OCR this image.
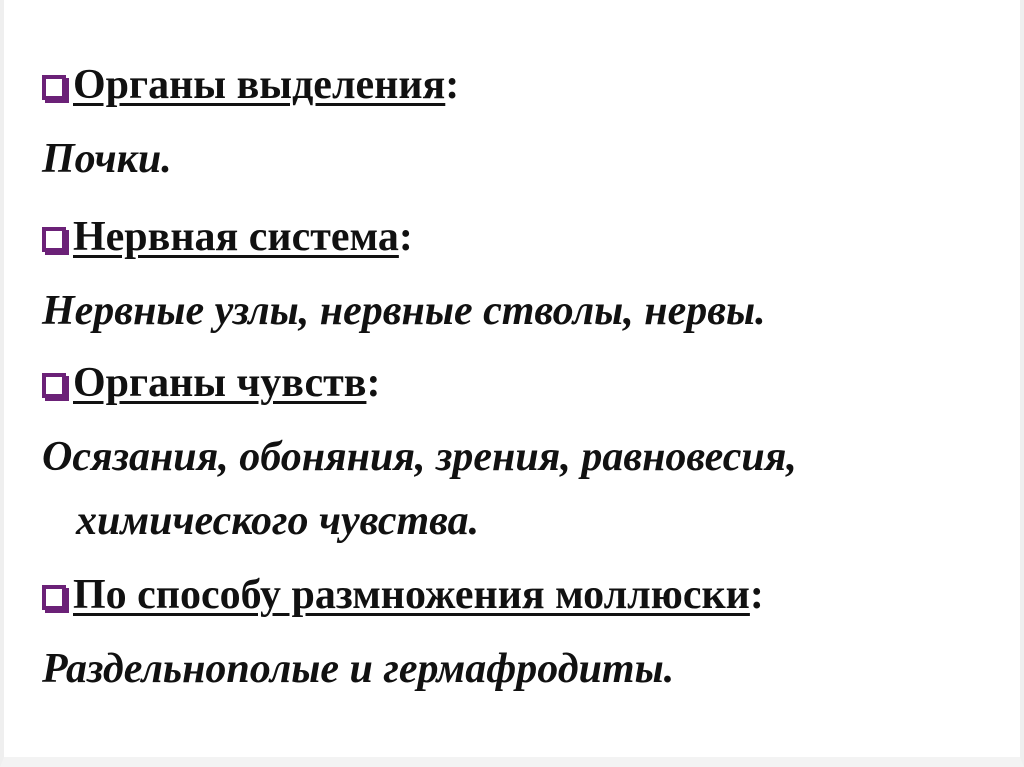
Органы выделения:
Почки.
Нервная система:
Нервные узлы, нервные стволы, нервы.
Органы чувств:
Осязания, обоняния, зрения, равновесия,
химического чувства.
По способу размножения моллюски:
Раздельнополые и гермафродиты.
